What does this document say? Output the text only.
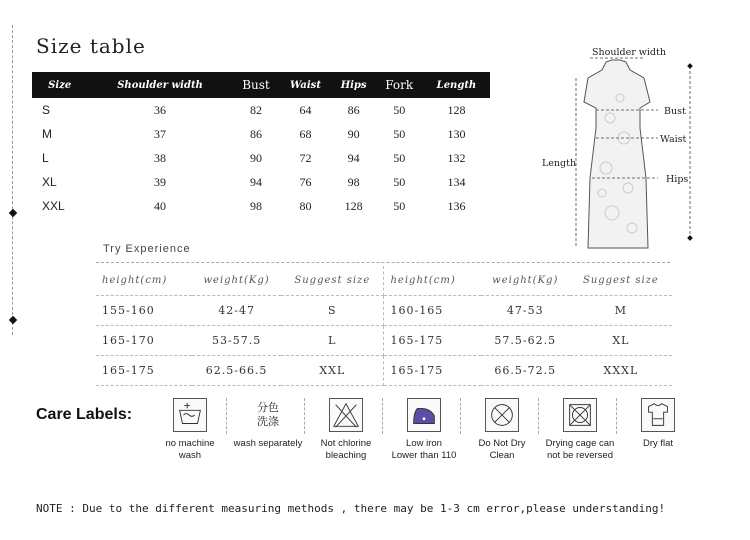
Size table
Size	Shoulder width	Bust	Waist	Hips	Fork	Length
S	36	82	64	86	50	128
M	37	86	68	90	50	130
L	38	90	72	94	50	132
XL	39	94	76	98	50	134
XXL	40	98	80	128	50	136
Shoulder width
Bust
Waist
Length
Hips
Try Experience
height(cm)	weight(Kg)	Suggest size	height(cm)	weight(Kg)	Suggest size
155-160	42-47	S	160-165	47-53	M
165-170	53-57.5	L	165-175	57.5-62.5	XL
165-175	62.5-66.5	XXL	165-175	66.5-72.5	XXXL
Care Labels:
no machine
wash
分色
洗涤
wash separately	Not chlorine
bleaching
Low iron
Lower than 110
Do Not Dry
Clean
Drying cage can
not be reversed
Dry flat
NOTE : Due to the different measuring methods , there may be 1-3 cm error,please understanding!
